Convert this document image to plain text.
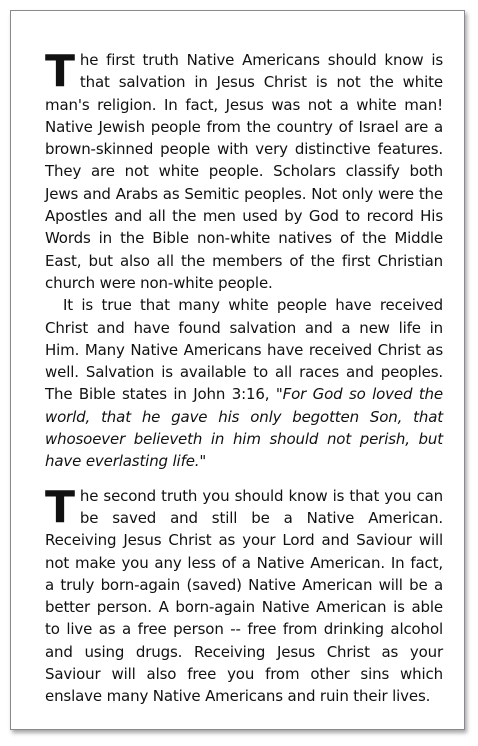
The first truth Native Americans should know is that salvation in Jesus Christ is not the white man's religion. In fact, Jesus was not a white man! Native Jewish people from the country of Israel are a brown-skinned people with very distinctive features. They are not white people. Scholars classify both Jews and Arabs as Semitic peoples. Not only were the Apostles and all the men used by God to record His Words in the Bible non-white natives of the Middle East, but also all the members of the first Christian church were non-white people.

It is true that many white people have received Christ and have found salvation and a new life in Him. Many Native Americans have received Christ as well. Salvation is available to all races and peoples. The Bible states in John 3:16, "For God so loved the world, that he gave his only begotten Son, that whosoever believeth in him should not perish, but have everlasting life."

The second truth you should know is that you can be saved and still be a Native American. Receiving Jesus Christ as your Lord and Saviour will not make you any less of a Native American. In fact, a truly born-again (saved) Native American will be a better person. A born-again Native American is able to live as a free person -- free from drinking alcohol and using drugs. Receiving Jesus Christ as your Saviour will also free you from other sins which enslave many Native Americans and ruin their lives.
